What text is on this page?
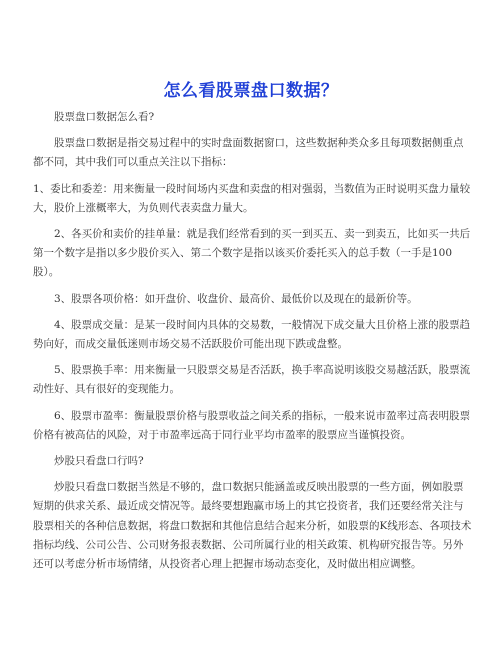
怎么看股票盘口数据？

股票盘口数据怎么看?

股票盘口数据是指交易过程中的实时盘面数据窗口，这些数据种类众多且每项数据侧重点都不同，其中我们可以重点关注以下指标：

1、委比和委差：用来衡量一段时间场内买盘和卖盘的相对强弱，当数值为正时说明买盘力量较大，股价上涨概率大，为负则代表卖盘力量大。

2、各买价和卖价的挂单量：就是我们经常看到的买一到买五、卖一到卖五，比如买一共后第一个数字是指以多少股价买入、第二个数字是指以该买价委托买入的总手数（一手是100股）。

3、股票各项价格：如开盘价、收盘价、最高价、最低价以及现在的最新价等。

4、股票成交量：是某一段时间内具体的交易数，一般情况下成交量大且价格上涨的股票趋势向好，而成交量低迷则市场交易不活跃股价可能出现下跌或盘整。

5、股票换手率：用来衡量一只股票交易是否活跃，换手率高说明该股交易越活跃，股票流动性好、具有很好的变现能力。

6、股票市盈率：衡量股票价格与股票收益之间关系的指标，一般来说市盈率过高表明股票价格有被高估的风险，对于市盈率远高于同行业平均市盈率的股票应当谨慎投资。

炒股只看盘口行吗?

炒股只看盘口数据当然是不够的，盘口数据只能涵盖或反映出股票的一些方面，例如股票短期的供求关系、最近成交情况等。最终要想跑赢市场上的其它投资者，我们还要经常关注与股票相关的各种信息数据，将盘口数据和其他信息结合起来分析，如股票的K线形态、各项技术指标均线、公司公告、公司财务报表数据、公司所属行业的相关政策、机构研究报告等。另外还可以考虑分析市场情绪，从投资者心理上把握市场动态变化，及时做出相应调整。
